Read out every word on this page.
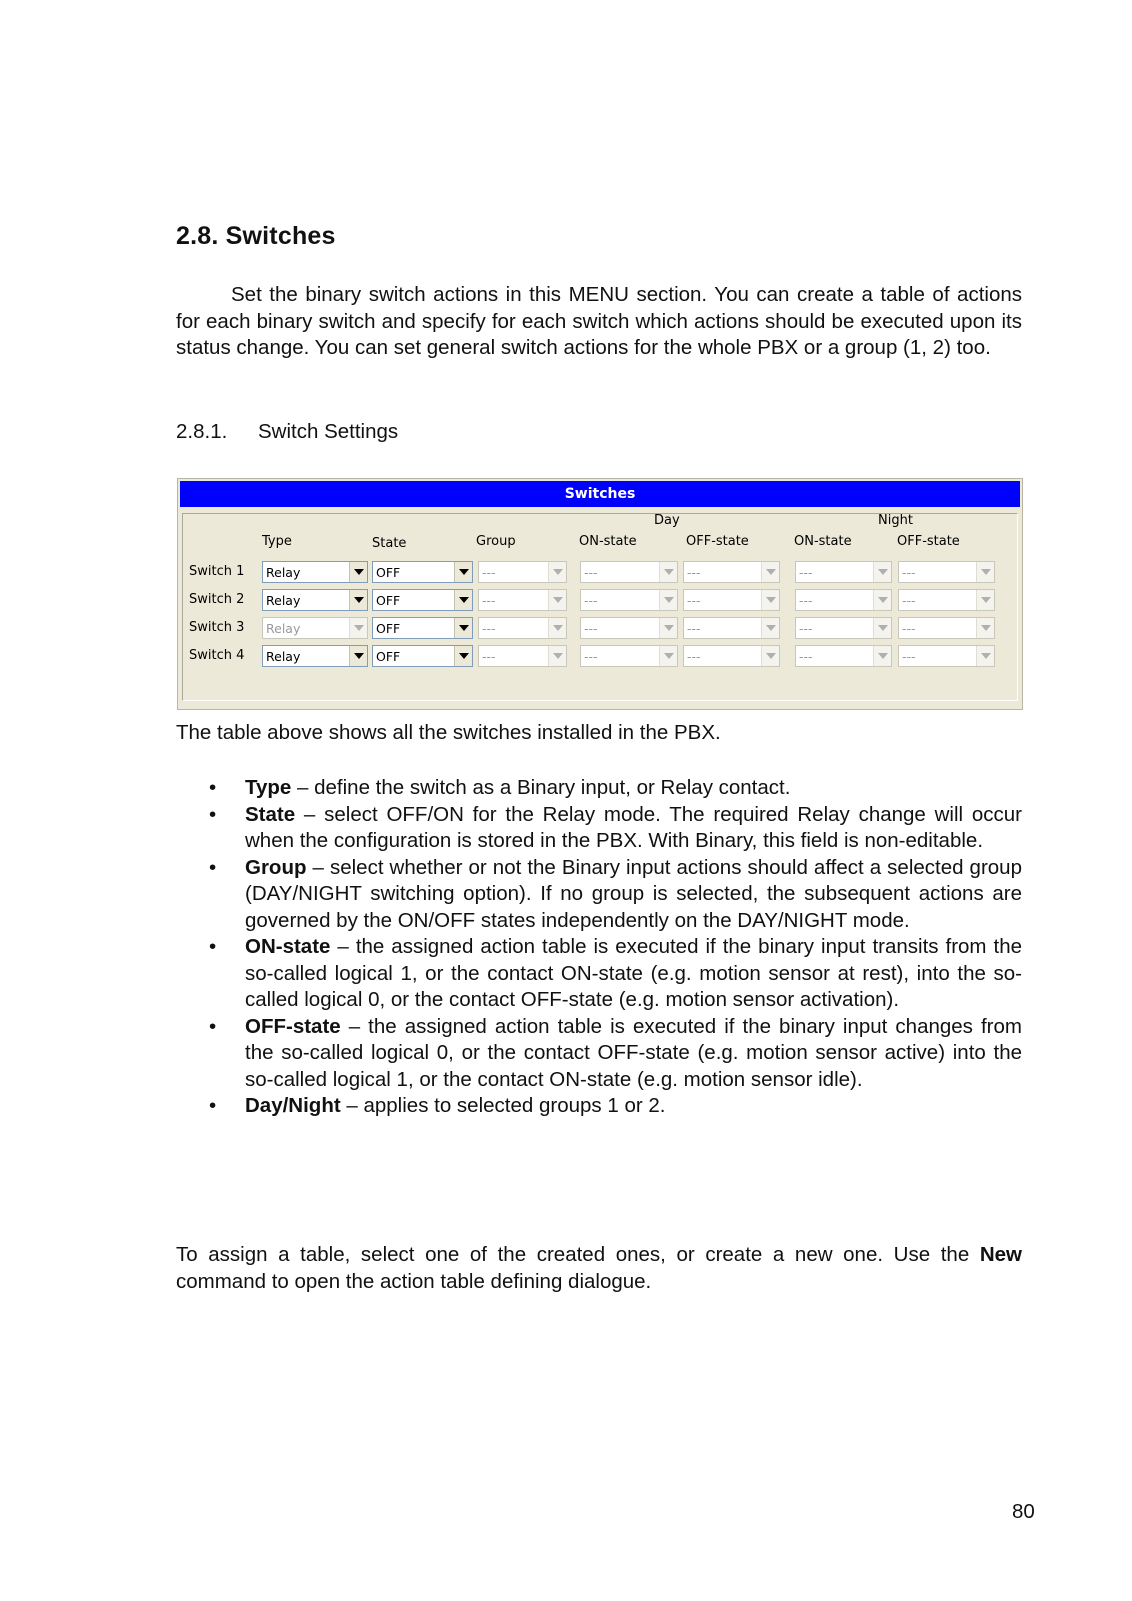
2.8. Switches

Set the binary switch actions in this MENU section. You can create a table of actions for each binary switch and specify for each switch which actions should be executed upon its status change. You can set general switch actions for the whole PBX or a group (1, 2) too.

2.8.1. Switch Settings
Switches
Day	Night
Type	State	Group	ON-state	OFF-state	ON-state	OFF-state
Switch 1 Relay	OFF	---	---	---	---	---
Switch 2 Relay	OFF	---	---	---	---	---
Switch 3 Relay	OFF	---	---	---	---	---
Switch 4 Relay	OFF	---	---	---	---	---

The table above shows all the switches installed in the PBX.

• Type – define the switch as a Binary input, or Relay contact.
• State – select OFF/ON for the Relay mode. The required Relay change will occur when the configuration is stored in the PBX. With Binary, this field is non-editable.
• Group – select whether or not the Binary input actions should affect a selected group (DAY/NIGHT switching option). If no group is selected, the subsequent actions are governed by the ON/OFF states independently on the DAY/NIGHT mode.
• ON-state – the assigned action table is executed if the binary input transits from the so-called logical 1, or the contact ON-state (e.g. motion sensor at rest), into the so-called logical 0, or the contact OFF-state (e.g. motion sensor activation).
• OFF-state – the assigned action table is executed if the binary input changes from the so-called logical 0, or the contact OFF-state (e.g. motion sensor active) into the so-called logical 1, or the contact ON-state (e.g. motion sensor idle).
• Day/Night – applies to selected groups 1 or 2.

To assign a table, select one of the created ones, or create a new one. Use the New command to open the action table defining dialogue.

80
